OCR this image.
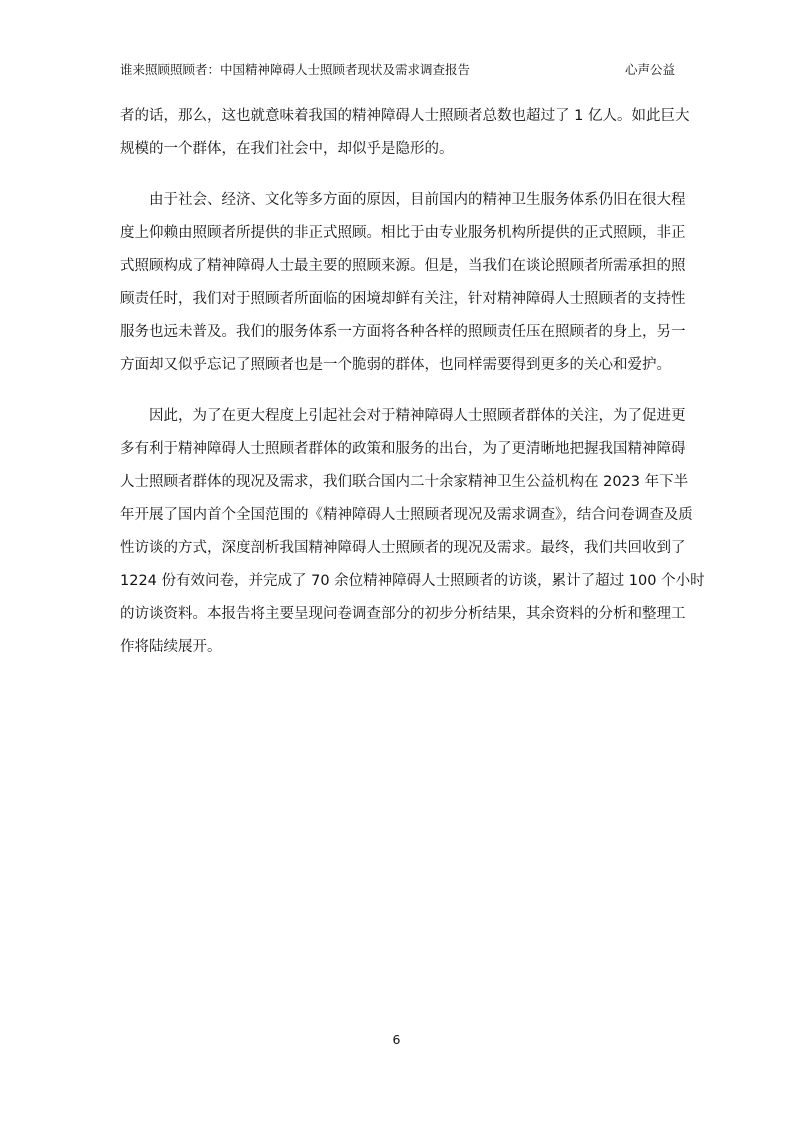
谁来照顾照顾者：中国精神障碍人士照顾者现状及需求调查报告	心声公益

者的话，那么，这也就意味着我国的精神障碍人士照顾者总数也超过了 1 亿人。如此巨大
规模的一个群体，在我们社会中，却似乎是隐形的。

　　由于社会、经济、文化等多方面的原因，目前国内的精神卫生服务体系仍旧在很大程
度上仰赖由照顾者所提供的非正式照顾。相比于由专业服务机构所提供的正式照顾，非正
式照顾构成了精神障碍人士最主要的照顾来源。但是，当我们在谈论照顾者所需承担的照
顾责任时，我们对于照顾者所面临的困境却鲜有关注，针对精神障碍人士照顾者的支持性
服务也远未普及。我们的服务体系一方面将各种各样的照顾责任压在照顾者的身上，另一
方面却又似乎忘记了照顾者也是一个脆弱的群体，也同样需要得到更多的关心和爱护。

　　因此，为了在更大程度上引起社会对于精神障碍人士照顾者群体的关注，为了促进更
多有利于精神障碍人士照顾者群体的政策和服务的出台，为了更清晰地把握我国精神障碍
人士照顾者群体的现况及需求，我们联合国内二十余家精神卫生公益机构在 2023 年下半
年开展了国内首个全国范围的《精神障碍人士照顾者现况及需求调查》，结合问卷调查及质
性访谈的方式，深度剖析我国精神障碍人士照顾者的现况及需求。最终，我们共回收到了
1224 份有效问卷，并完成了 70 余位精神障碍人士照顾者的访谈，累计了超过 100 个小时
的访谈资料。本报告将主要呈现问卷调查部分的初步分析结果，其余资料的分析和整理工
作将陆续展开。

6
